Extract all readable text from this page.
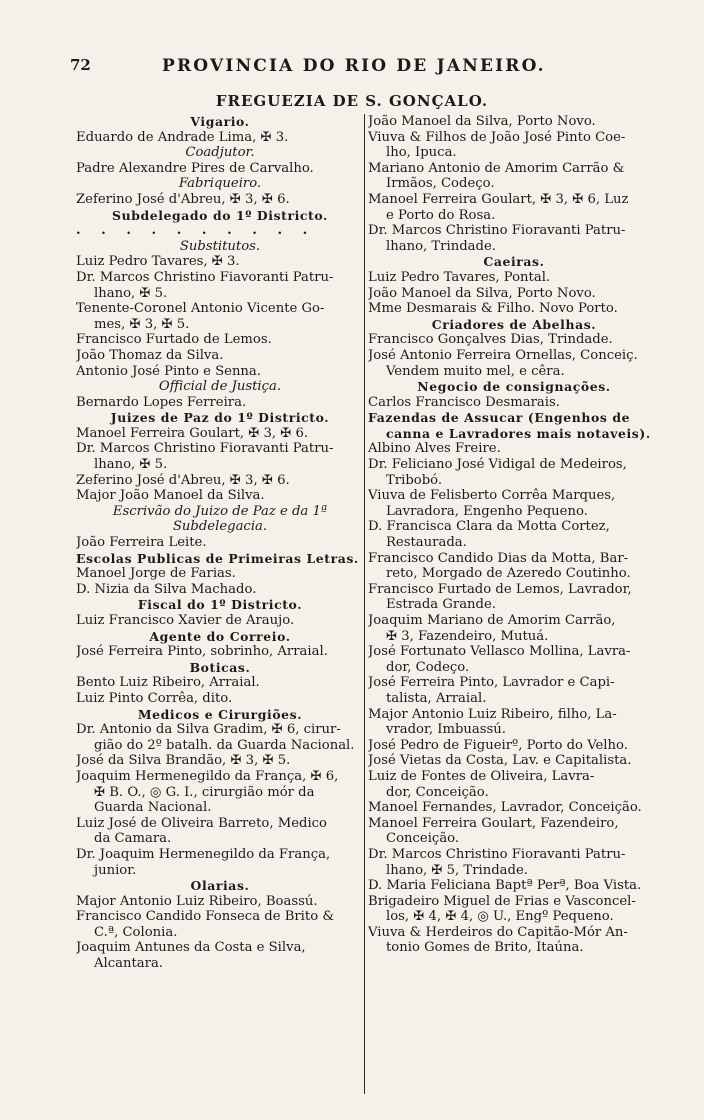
72	PROVINCIA DO RIO DE JANEIRO.
FREGUEZIA DE S. GONÇALO.
Vigario.
Eduardo de Andrade Lima, ✠ 3.
Coadjutor.
Padre Alexandre Pires de Carvalho.
Fabriqueiro.
Zeferino José d'Abreu, ✠ 3, ✠ 6.
Subdelegado do 1º Districto.
. . . . . . . . . .
Substitutos.
Luiz Pedro Tavares, ✠ 3.
Dr. Marcos Christino Fiavoranti Patru-
lhano, ✠ 5.
Tenente-Coronel Antonio Vicente Go-
mes, ✠ 3, ✠ 5.
Francisco Furtado de Lemos.
João Thomaz da Silva.
Antonio José Pinto e Senna.
Official de Justiça.
Bernardo Lopes Ferreira.
Juizes de Paz do 1º Districto.
Manoel Ferreira Goulart, ✠ 3, ✠ 6.
Dr. Marcos Christino Fioravanti Patru-
lhano, ✠ 5.
Zeferino José d'Abreu, ✠ 3, ✠ 6.
Major João Manoel da Silva.
Escrivão do Juizo de Paz e da 1ª
Subdelegacia.
João Ferreira Leite.
Escolas Publicas de Primeiras Letras.
Manoel Jorge de Farias.
D. Nizia da Silva Machado.
Fiscal do 1º Districto.
Luiz Francisco Xavier de Araujo.
Agente do Correio.
José Ferreira Pinto, sobrinho, Arraial.
Boticas.
Bento Luiz Ribeiro, Arraial.
Luiz Pinto Corrêa, dito.
Medicos e Cirurgiões.
Dr. Antonio da Silva Gradim, ✠ 6, cirur-
gião do 2º batalh. da Guarda Nacional.
José da Silva Brandão, ✠ 3, ✠ 5.
Joaquim Hermenegildo da França, ✠ 6,
✠ B. O., ◎ G. I., cirurgião mór da
Guarda Nacional.
Luiz José de Oliveira Barreto, Medico
da Camara.
Dr. Joaquim Hermenegildo da França,
junior.
Olarias.
Major Antonio Luiz Ribeiro, Boassú.
Francisco Candido Fonseca de Brito &
C.ª, Colonia.
Joaquim Antunes da Costa e Silva,
Alcantara.
João Manoel da Silva, Porto Novo.
Viuva & Filhos de João José Pinto Coe-
lho, Ipuca.
Mariano Antonio de Amorim Carrão &
Irmãos, Codeço.
Manoel Ferreira Goulart, ✠ 3, ✠ 6, Luz
e Porto do Rosa.
Dr. Marcos Christino Fioravanti Patru-
lhano, Trindade.
Caeiras.
Luiz Pedro Tavares, Pontal.
João Manoel da Silva, Porto Novo.
Mme Desmarais & Filho. Novo Porto.
Criadores de Abelhas.
Francisco Gonçalves Dias, Trindade.
José Antonio Ferreira Ornellas, Conceiç.
Vendem muito mel, e cêra.
Negocio de consignações.
Carlos Francisco Desmarais.
Fazendas de Assucar (Engenhos de
canna e Lavradores mais notaveis).
Albino Alves Freire.
Dr. Feliciano José Vidigal de Medeiros,
Tribobó.
Viuva de Felisberto Corrêa Marques,
Lavradora, Engenho Pequeno.
D. Francisca Clara da Motta Cortez,
Restaurada.
Francisco Candido Dias da Motta, Bar-
reto, Morgado de Azeredo Coutinho.
Francisco Furtado de Lemos, Lavrador,
Estrada Grande.
Joaquim Mariano de Amorim Carrão,
✠ 3, Fazendeiro, Mutuá.
José Fortunato Vellasco Mollina, Lavra-
dor, Codeço.
José Ferreira Pinto, Lavrador e Capi-
talista, Arraial.
Major Antonio Luiz Ribeiro, filho, La-
vrador, Imbuassú.
José Pedro de Figueirº, Porto do Velho.
José Vietas da Costa, Lav. e Capitalista.
Luiz de Fontes de Oliveira, Lavra-
dor, Conceição.
Manoel Fernandes, Lavrador, Conceição.
Manoel Ferreira Goulart, Fazendeiro,
Conceição.
Dr. Marcos Christino Fioravanti Patru-
lhano, ✠ 5, Trindade.
D. Maria Feliciana Baptª Perª, Boa Vista.
Brigadeiro Miguel de Frias e Vasconcel-
los, ✠ 4, ✠ 4, ◎ U., Engº Pequeno.
Viuva & Herdeiros do Capitão-Mór An-
tonio Gomes de Brito, Itaúna.
